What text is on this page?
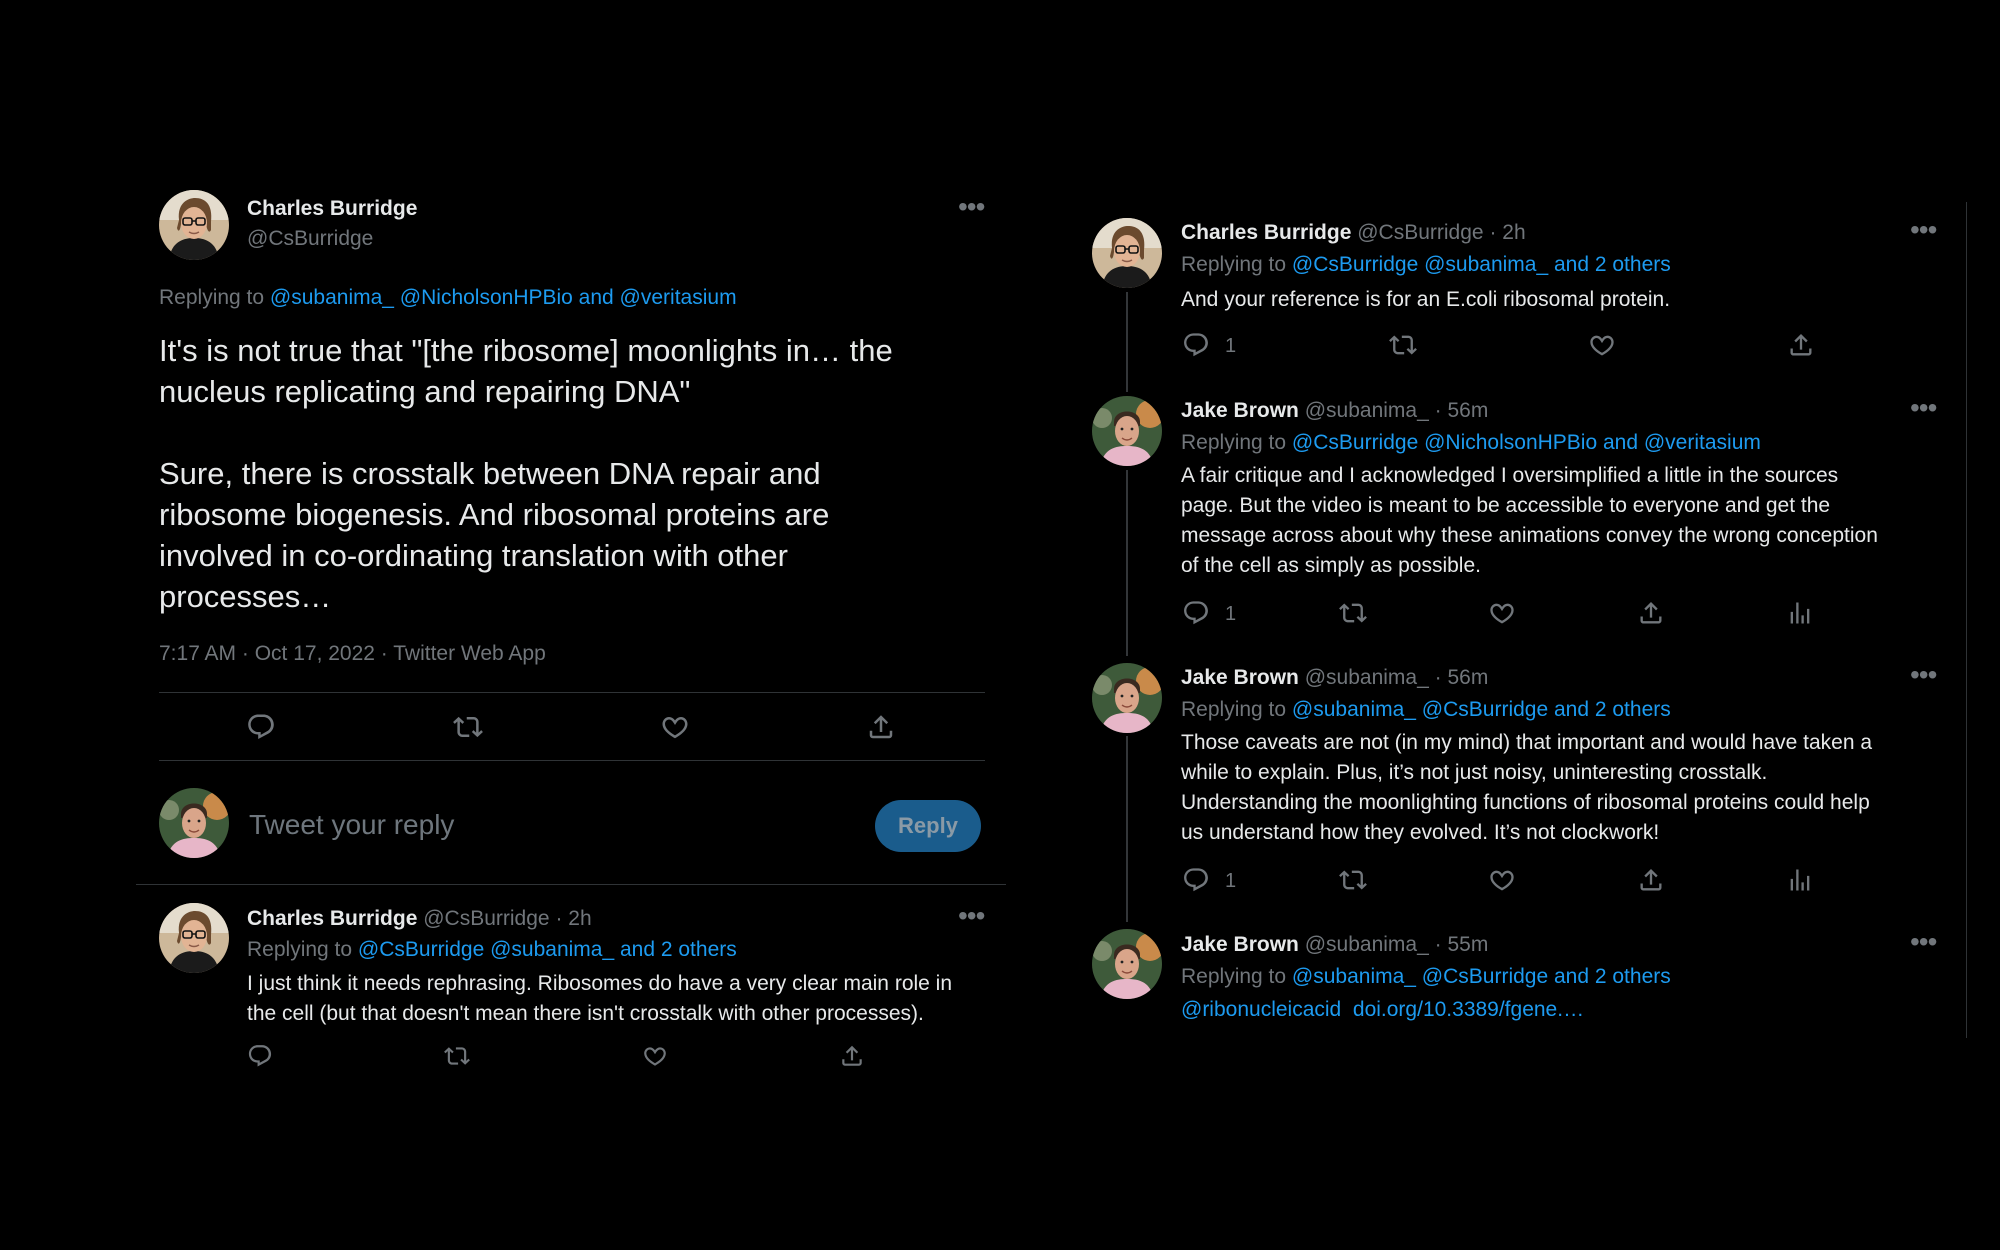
Charles Burridge
@CsBurridge
•••
Replying to @subanima_ @NicholsonHPBio and @veritasium
It's is not true that "[the ribosome] moonlights in… the
nucleus replicating and repairing DNA"
Sure, there is crosstalk between DNA repair and
ribosome biogenesis. And ribosomal proteins are
involved in co-ordinating translation with other
processes…
7:17 AM · Oct 17, 2022 · Twitter Web App
Tweet your reply	Reply
Charles Burridge @CsBurridge · 2h	•••
Replying to @CsBurridge @subanima_ and 2 others
I just think it needs rephrasing. Ribosomes do have a very clear main role in
the cell (but that doesn't mean there isn't crosstalk with other processes).
Charles Burridge @CsBurridge · 2h	•••
Replying to @CsBurridge @subanima_ and 2 others
And your reference is for an E.coli ribosomal protein.
1
Jake Brown @subanima_ · 56m	•••
Replying to @CsBurridge @NicholsonHPBio and @veritasium
A fair critique and I acknowledged I oversimplified a little in the sources
page. But the video is meant to be accessible to everyone and get the
message across about why these animations convey the wrong conception
of the cell as simply as possible.
1
Jake Brown @subanima_ · 56m	•••
Replying to @subanima_ @CsBurridge and 2 others
Those caveats are not (in my mind) that important and would have taken a
while to explain. Plus, it’s not just noisy, uninteresting crosstalk.
Understanding the moonlighting functions of ribosomal proteins could help
us understand how they evolved. It’s not clockwork!
1
Jake Brown @subanima_ · 55m	•••
Replying to @subanima_ @CsBurridge and 2 others
@ribonucleicacid  doi.org/10.3389/fgene.…
